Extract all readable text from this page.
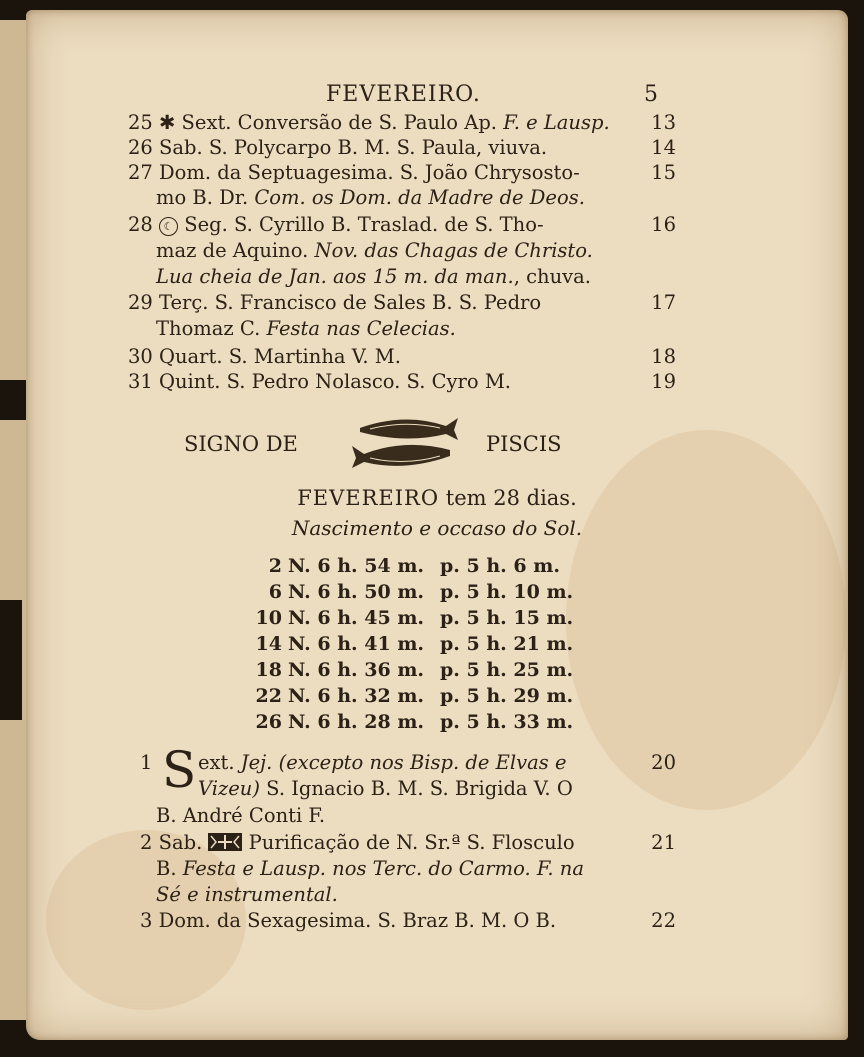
FEVEREIRO.	5
25 ✱ Sext. Conversão de S. Paulo Ap. F. e Lausp. 13
26 Sab. S. Polycarpo B. M. S. Paula, viuva.	14
27 Dom. da Septuagesima. S. João Chrysosto-	15
mo B. Dr. Com. os Dom. da Madre de Deos.
28 ☾ Seg. S. Cyrillo B. Traslad. de S. Tho-	16
maz de Aquino. Nov. das Chagas de Christo.
Lua cheia de Jan. aos 15 m. da man., chuva.
29 Terç. S. Francisco de Sales B. S. Pedro	17
Thomaz C. Festa nas Celecias.
30 Quart. S. Martinha V. M.	18
31 Quint. S. Pedro Nolasco. S. Cyro M.	19
SIGNO DE	PISCIS
FEVEREIRO tem 28 dias.
Nascimento e occaso do Sol.
2 N. 6 h. 54 m. p. 5 h. 6 m.
6 N. 6 h. 50 m. p. 5 h. 10 m.
10 N. 6 h. 45 m. p. 5 h. 15 m.
14 N. 6 h. 41 m. p. 5 h. 21 m.
18 N. 6 h. 36 m. p. 5 h. 25 m.
22 N. 6 h. 32 m. p. 5 h. 29 m.
26 N. 6 h. 28 m. p. 5 h. 33 m.
1 S ext. Jej. (excepto nos Bisp. de Elvas e	20
Vizeu) S. Ignacio B. M. S. Brigida V. O
B. André Conti F.
2 Sab.  Purificação de N. Sr.ª S. Flosculo	21
B. Festa e Lausp. nos Terc. do Carmo. F. na
Sé e instrumental.
3 Dom. da Sexagesima. S. Braz B. M. O B.	22
